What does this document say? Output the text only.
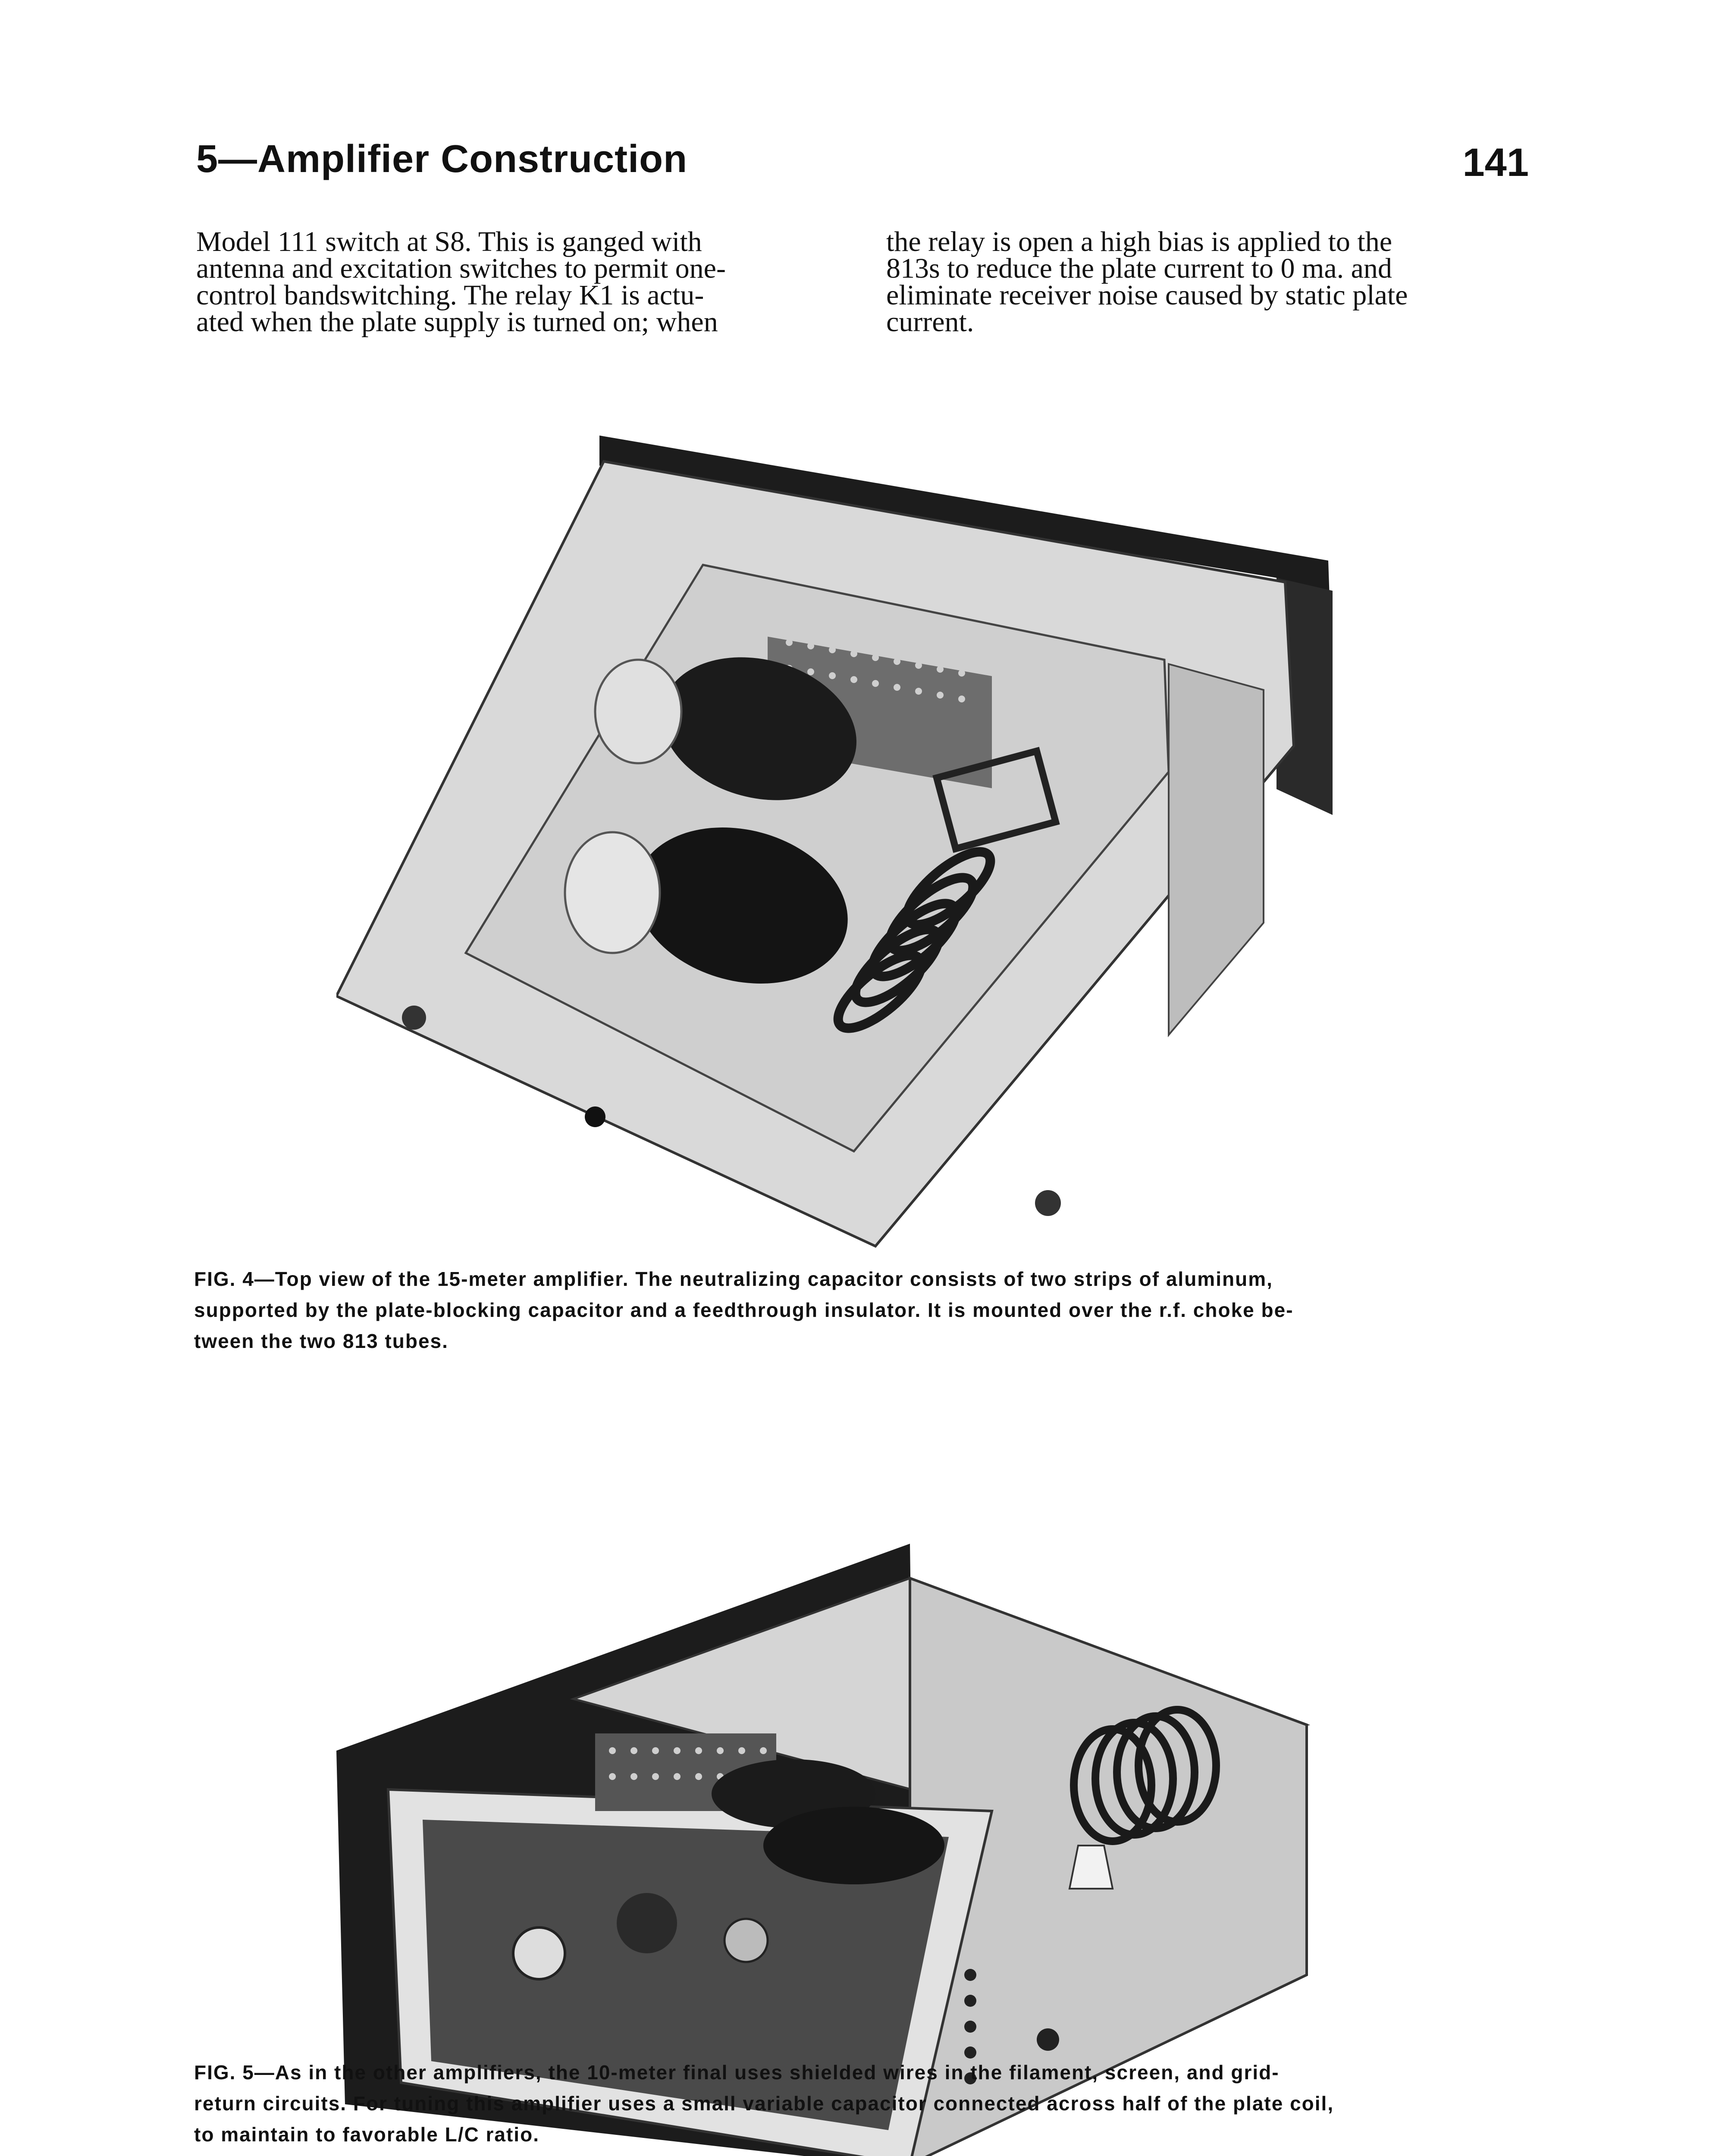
5—Amplifier Construction	141
Model 111 switch at S8. This is ganged with
antenna and excitation switches to permit one-
control bandswitching. The relay K1 is actu-
ated when the plate supply is turned on; when
the relay is open a high bias is applied to the
813s to reduce the plate current to 0 ma. and
eliminate receiver noise caused by static plate
current.
FIG. 4—Top view of the 15-meter amplifier. The neutralizing capacitor consists of two strips of aluminum,
supported by the plate-blocking capacitor and a feedthrough insulator. It is mounted over the r.f. choke be-
tween the two 813 tubes.
FIG. 5—As in the other amplifiers, the 10-meter final uses shielded wires in the filament, screen, and grid-
return circuits. For tuning this amplifier uses a small variable capacitor connected across half of the plate coil,
to maintain to favorable L/C ratio.
